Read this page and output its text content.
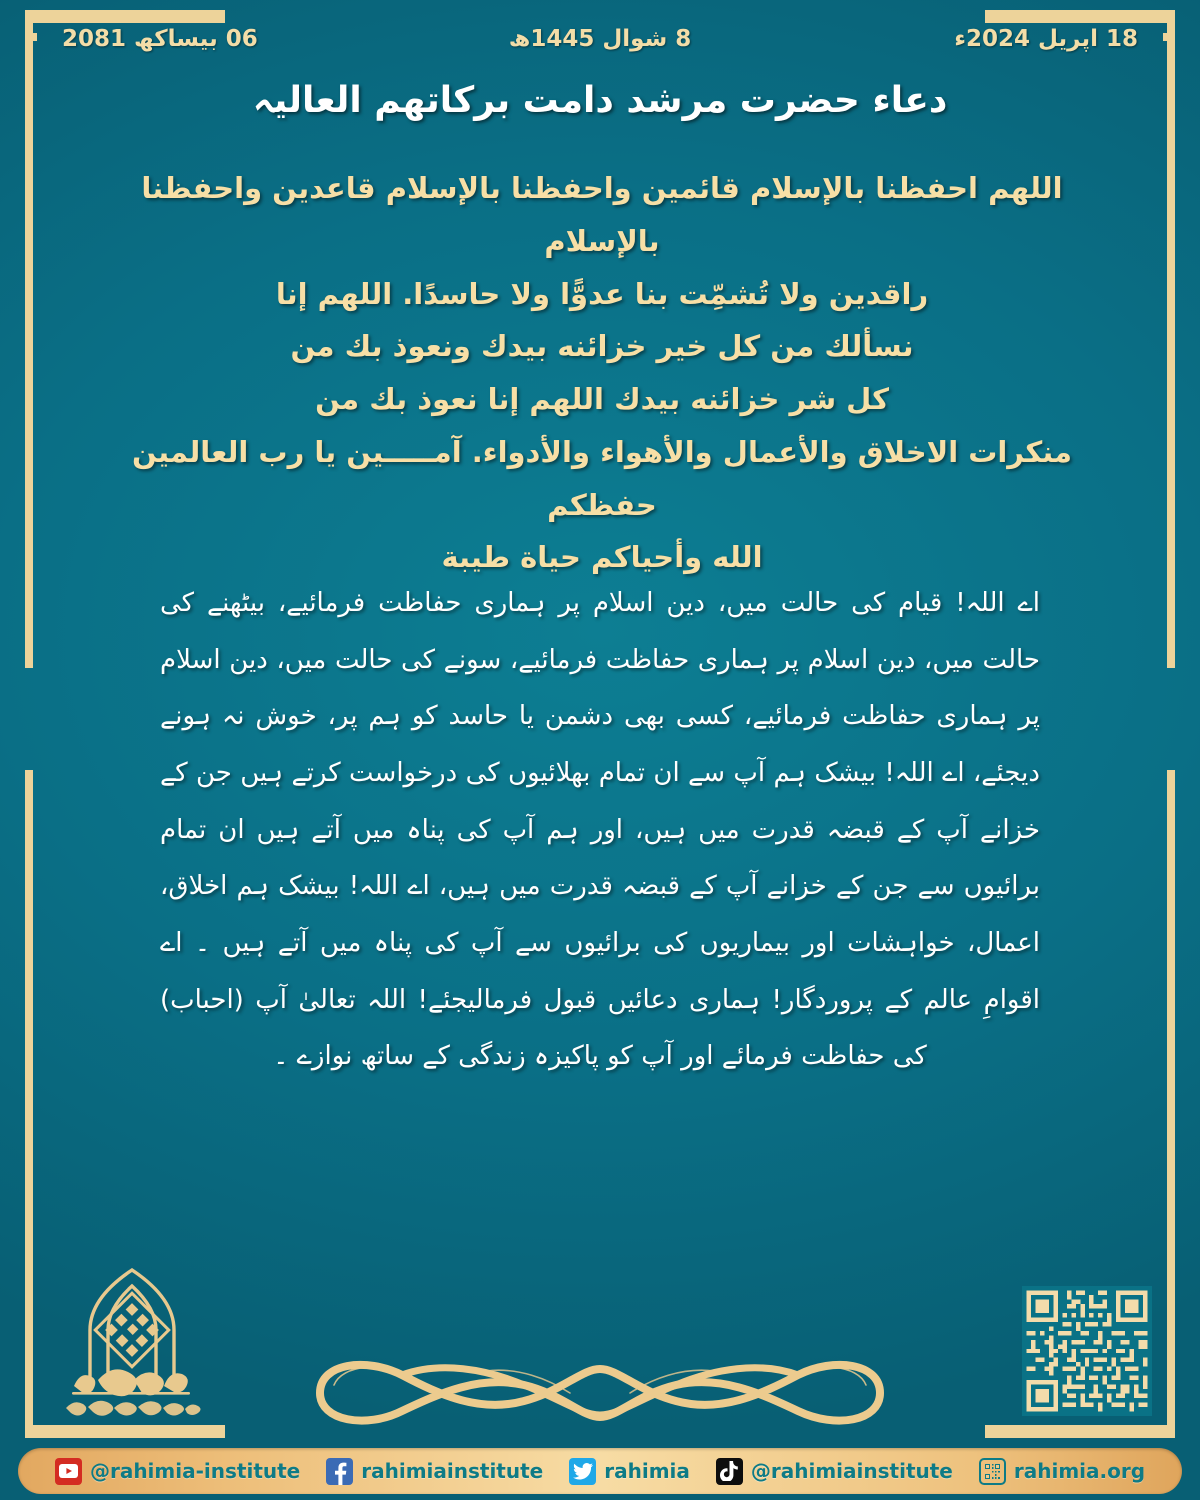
06 بیساکھ 2081	8 شوال 1445ھ	18 اپریل 2024ء
دعاء حضرت مرشد دامت بركاتهم العاليہ
اللهم احفظنا بالإسلام قائمين واحفظنا بالإسلام قاعدين واحفظنا بالإسلام
راقدين ولا تُشمِّت بنا عدوًّا ولا حاسدًا. اللهم إنا
نسألك من كل خير خزائنه بيدك ونعوذ بك من
كل شر خزائنه بيدك اللهم إنا نعوذ بك من
منكرات الاخلاق والأعمال والأهواء والأدواء. آمـــــين يا رب العالمين حفظكم
الله وأحياكم حياة طيبة
اے اللہ! قیام کی حالت میں، دین اسلام پر ہماری حفاظت فرمائیے، بیٹھنے کی حالت میں، دین اسلام پر ہماری حفاظت فرمائیے، سونے کی حالت میں، دین اسلام پر ہماری حفاظت فرمائیے، کسی بھی دشمن یا حاسد کو ہم پر، خوش نہ ہونے دیجئے، اے اللہ! بیشک ہم آپ سے ان تمام بھلائیوں کی درخواست کرتے ہیں جن کے خزانے آپ کے قبضہ قدرت میں ہیں، اور ہم آپ کی پناہ میں آتے ہیں ان تمام برائیوں سے جن کے خزانے آپ کے قبضہ قدرت میں ہیں، اے اللہ! بیشک ہم اخلاق، اعمال، خواہشات اور بیماریوں کی برائیوں سے آپ کی پناہ میں آتے ہیں ۔ اے اقوامِ عالم کے پروردگار! ہماری دعائیں قبول فرمالیجئے! اللہ تعالیٰ آپ (احباب) کی حفاظت فرمائے اور آپ کو پاکیزہ زندگی کے ساتھ نوازے ۔
@rahimia-institute	rahimiainstitute	rahimia	@rahimiainstitute	rahimia.org
